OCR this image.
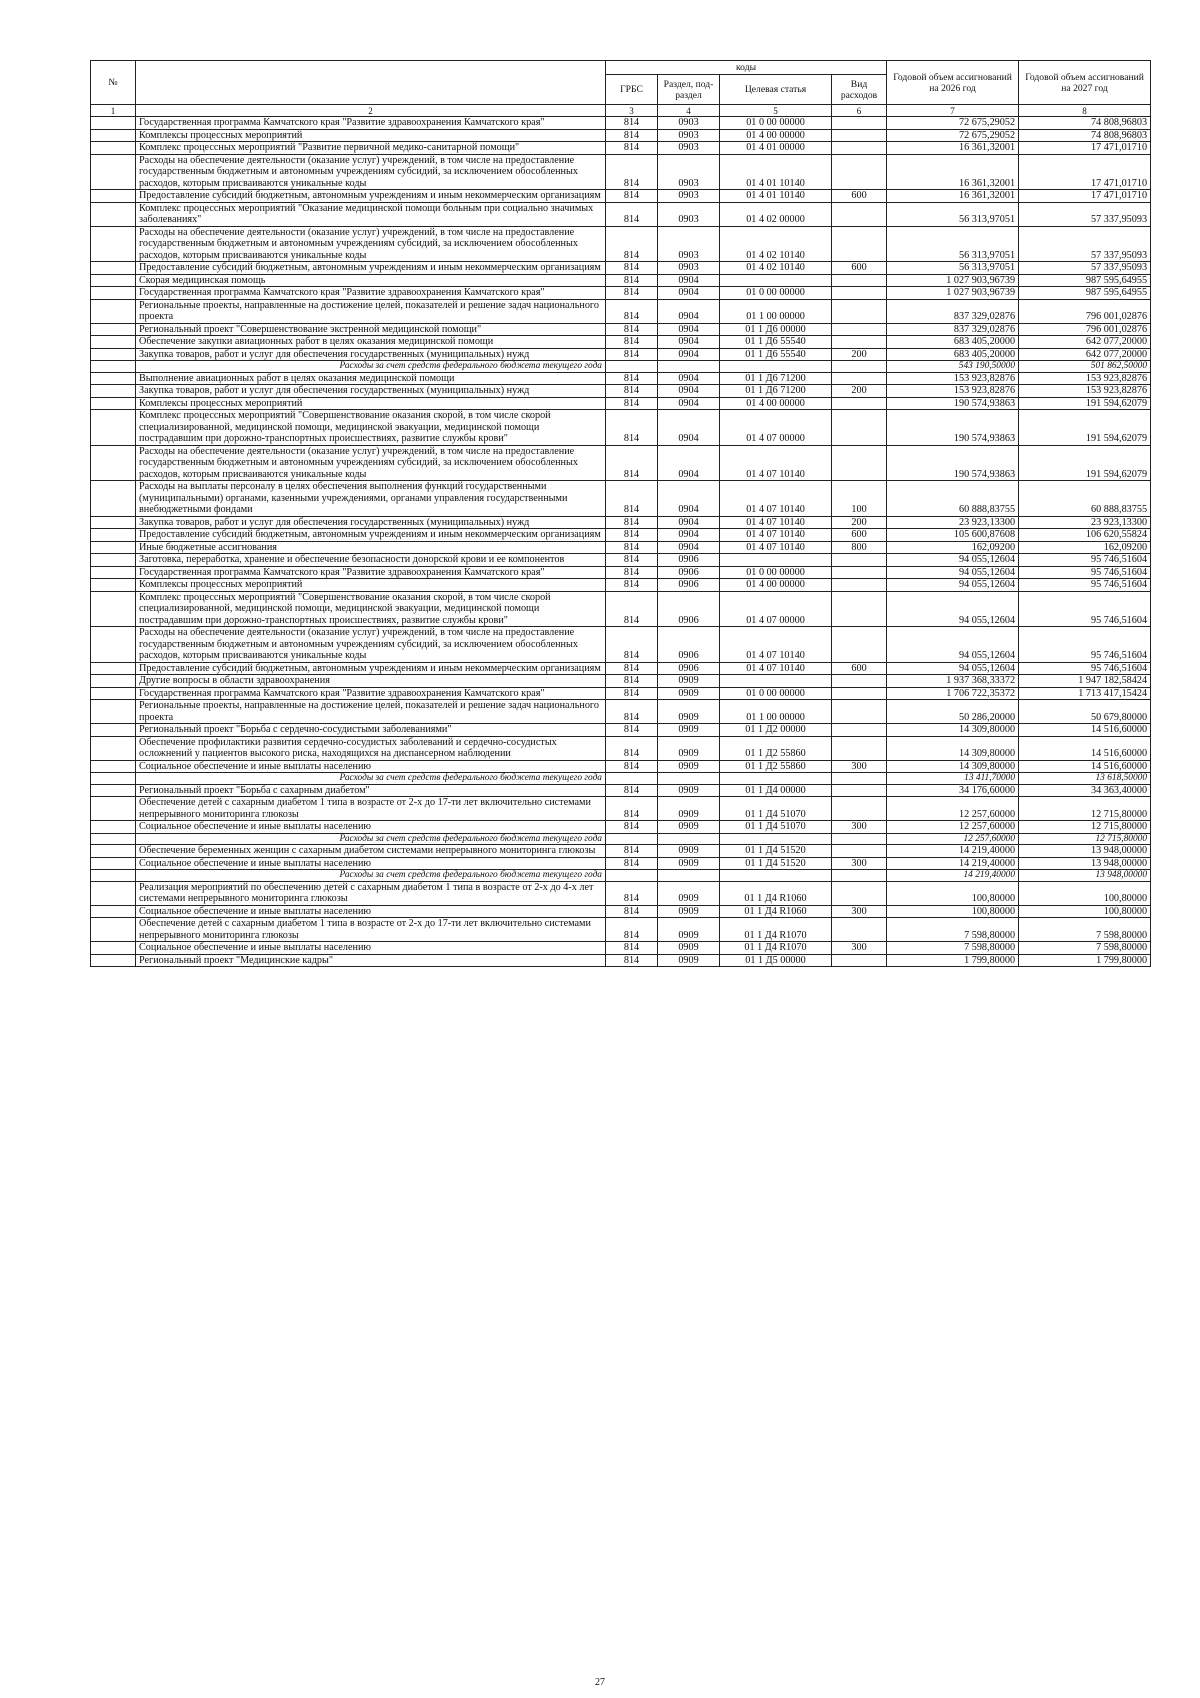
№		коды				Годовой объем ассигнований на 2026 год	Годовой объем ассигнований на 2027 год
		ГРБС	Раздел, под-раздел	Целевая статья	Вид расходов		
1	2	3	4	5	6	7	8
	Государственная программа Камчатского края "Развитие здравоохранения Камчатского края"	814	0903	01 0 00 00000		72 675,29052	74 808,96803
	Комплексы процессных мероприятий	814	0903	01 4 00 00000		72 675,29052	74 808,96803
	Комплекс процессных мероприятий "Развитие первичной медико-санитарной помощи"	814	0903	01 4 01 00000		16 361,32001	17 471,01710
	Расходы на обеспечение деятельности (оказание услуг) учреждений, в том числе на предоставление государственным бюджетным и автономным учреждениям субсидий, за исключением обособленных расходов, которым присваиваются уникальные коды	814	0903	01 4 01 10140		16 361,32001	17 471,01710
	Предоставление субсидий бюджетным, автономным учреждениям и иным некоммерческим организациям	814	0903	01 4 01 10140	600	16 361,32001	17 471,01710
	Комплекс процессных мероприятий "Оказание медицинской помощи больным при социально значимых заболеваниях"	814	0903	01 4 02 00000		56 313,97051	57 337,95093
	Расходы на обеспечение деятельности (оказание услуг) учреждений, в том числе на предоставление государственным бюджетным и автономным учреждениям субсидий, за исключением обособленных расходов, которым присваиваются уникальные коды	814	0903	01 4 02 10140		56 313,97051	57 337,95093
	Предоставление субсидий бюджетным, автономным учреждениям и иным некоммерческим организациям	814	0903	01 4 02 10140	600	56 313,97051	57 337,95093
	Скорая медицинская помощь	814	0904			1 027 903,96739	987 595,64955
	Государственная программа Камчатского края "Развитие здравоохранения Камчатского края"	814	0904	01 0 00 00000		1 027 903,96739	987 595,64955
	Региональные проекты, направленные на достижение целей, показателей и решение задач национального проекта	814	0904	01 1 00 00000		837 329,02876	796 001,02876
	Региональный проект "Совершенствование экстренной медицинской помощи"	814	0904	01 1 Д6 00000		837 329,02876	796 001,02876
	Обеспечение закупки авиационных работ в целях оказания медицинской помощи	814	0904	01 1 Д6 55540		683 405,20000	642 077,20000
	Закупка товаров, работ и услуг для обеспечения государственных (муниципальных) нужд	814	0904	01 1 Д6 55540	200	683 405,20000	642 077,20000
	Расходы за счет средств федерального бюджета текущего года					543 190,50000	501 862,50000
	Выполнение авиационных работ в целях оказания медицинской помощи	814	0904	01 1 Д6 71200		153 923,82876	153 923,82876
	Закупка товаров, работ и услуг для обеспечения государственных (муниципальных) нужд	814	0904	01 1 Д6 71200	200	153 923,82876	153 923,82876
	Комплексы процессных мероприятий	814	0904	01 4 00 00000		190 574,93863	191 594,62079
	Комплекс процессных мероприятий "Совершенствование оказания скорой, в том числе скорой специализированной, медицинской помощи, медицинской эвакуации, медицинской помощи пострадавшим при дорожно-транспортных происшествиях, развитие службы крови"	814	0904	01 4 07 00000		190 574,93863	191 594,62079
	Расходы на обеспечение деятельности (оказание услуг) учреждений, в том числе на предоставление государственным бюджетным и автономным учреждениям субсидий, за исключением обособленных расходов, которым присваиваются уникальные коды	814	0904	01 4 07 10140		190 574,93863	191 594,62079
	Расходы на выплаты персоналу в целях обеспечения выполнения функций государственными (муниципальными) органами, казенными учреждениями, органами управления государственными внебюджетными фондами	814	0904	01 4 07 10140	100	60 888,83755	60 888,83755
	Закупка товаров, работ и услуг для обеспечения государственных (муниципальных) нужд	814	0904	01 4 07 10140	200	23 923,13300	23 923,13300
	Предоставление субсидий бюджетным, автономным учреждениям и иным некоммерческим организациям	814	0904	01 4 07 10140	600	105 600,87608	106 620,55824
	Иные бюджетные ассигнования	814	0904	01 4 07 10140	800	162,09200	162,09200
	Заготовка, переработка, хранение и обеспечение безопасности донорской крови и ее компонентов	814	0906			94 055,12604	95 746,51604
	Государственная программа Камчатского края "Развитие здравоохранения Камчатского края"	814	0906	01 0 00 00000		94 055,12604	95 746,51604
	Комплексы процессных мероприятий	814	0906	01 4 00 00000		94 055,12604	95 746,51604
	Комплекс процессных мероприятий "Совершенствование оказания скорой, в том числе скорой специализированной, медицинской помощи, медицинской эвакуации, медицинской помощи пострадавшим при дорожно-транспортных происшествиях, развитие службы крови"	814	0906	01 4 07 00000		94 055,12604	95 746,51604
	Расходы на обеспечение деятельности (оказание услуг) учреждений, в том числе на предоставление государственным бюджетным и автономным учреждениям субсидий, за исключением обособленных расходов, которым присваиваются уникальные коды	814	0906	01 4 07 10140		94 055,12604	95 746,51604
	Предоставление субсидий бюджетным, автономным учреждениям и иным некоммерческим организациям	814	0906	01 4 07 10140	600	94 055,12604	95 746,51604
	Другие вопросы в области здравоохранения	814	0909			1 937 368,33372	1 947 182,58424
	Государственная программа Камчатского края "Развитие здравоохранения Камчатского края"	814	0909	01 0 00 00000		1 706 722,35372	1 713 417,15424
	Региональные проекты, направленные на достижение целей, показателей и решение задач национального проекта	814	0909	01 1 00 00000		50 286,20000	50 679,80000
	Региональный проект "Борьба с сердечно-сосудистыми заболеваниями"	814	0909	01 1 Д2 00000		14 309,80000	14 516,60000
	Обеспечение профилактики развития сердечно-сосудистых заболеваний и сердечно-сосудистых осложнений у пациентов высокого риска, находящихся на диспансерном наблюдении	814	0909	01 1 Д2 55860		14 309,80000	14 516,60000
	Социальное обеспечение и иные выплаты населению	814	0909	01 1 Д2 55860	300	14 309,80000	14 516,60000
	Расходы за счет средств федерального бюджета текущего года					13 411,70000	13 618,50000
	Региональный проект "Борьба с сахарным диабетом"	814	0909	01 1 Д4 00000		34 176,60000	34 363,40000
	Обеспечение детей с сахарным диабетом 1 типа в возрасте от 2-х до 17-ти лет включительно системами непрерывного мониторинга глюкозы	814	0909	01 1 Д4 51070		12 257,60000	12 715,80000
	Социальное обеспечение и иные выплаты населению	814	0909	01 1 Д4 51070	300	12 257,60000	12 715,80000
	Расходы за счет средств федерального бюджета текущего года					12 257,60000	12 715,80000
	Обеспечение беременных женщин с сахарным диабетом системами непрерывного мониторинга глюкозы	814	0909	01 1 Д4 51520		14 219,40000	13 948,00000
	Социальное обеспечение и иные выплаты населению	814	0909	01 1 Д4 51520	300	14 219,40000	13 948,00000
	Расходы за счет средств федерального бюджета текущего года					14 219,40000	13 948,00000
	Реализация мероприятий по обеспечению детей с сахарным диабетом 1 типа в возрасте от 2-х до 4-х лет системами непрерывного мониторинга глюкозы	814	0909	01 1 Д4 R1060		100,80000	100,80000
	Социальное обеспечение и иные выплаты населению	814	0909	01 1 Д4 R1060	300	100,80000	100,80000
	Обеспечение детей с сахарным диабетом 1 типа в возрасте от 2-х до 17-ти лет включительно системами непрерывного мониторинга глюкозы	814	0909	01 1 Д4 R1070		7 598,80000	7 598,80000
	Социальное обеспечение и иные выплаты населению	814	0909	01 1 Д4 R1070	300	7 598,80000	7 598,80000
	Региональный проект "Медицинские кадры"	814	0909	01 1 Д5 00000		1 799,80000	1 799,80000
27
